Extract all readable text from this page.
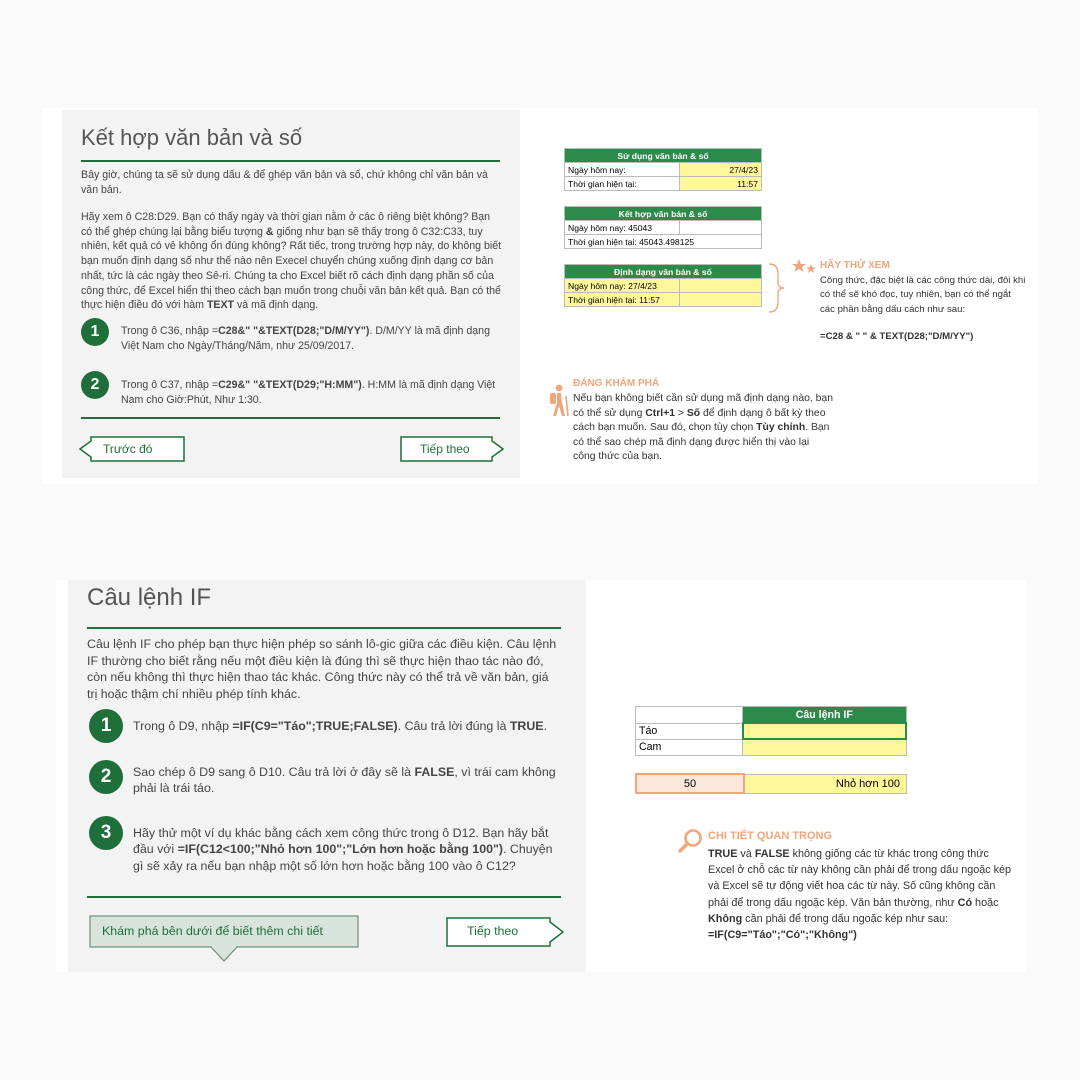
Kết hợp văn bản và số
Bây giờ, chúng ta sẽ sử dụng dấu & để ghép văn bản và số, chứ không chỉ văn bản và văn bản.
Hãy xem ô C28:D29. Bạn có thấy ngày và thời gian nằm ở các ô riêng biệt không? Bạn có thể ghép chúng lại bằng biểu tượng & giống như bạn sẽ thấy trong ô C32:C33, tuy nhiên, kết quả có vẻ không ổn đúng không? Rất tiếc, trong trường hợp này, do không biết bạn muốn định dạng số như thế nào nên Execel chuyển chúng xuống định dạng cơ bản nhất, tức là các ngày theo Sê-ri. Chúng ta cho Excel biết rõ cách định dạng phần số của công thức, để Excel hiển thị theo cách bạn muốn trong chuỗi văn bản kết quả. Bạn có thể thực hiện điều đó với hàm TEXT và mã định dạng.
1	Trong ô C36, nhập =C28&" "&TEXT(D28;"D/M/YY"). D/M/YY là mã định dạng Việt Nam cho Ngày/Tháng/Năm, như 25/09/2017.
2	Trong ô C37, nhập =C29&" "&TEXT(D29;"H:MM"). H:MM là mã định dạng Việt Nam cho Giờ:Phút, Như 1:30.
Trước đó	Tiếp theo
Sử dụng văn bản & số	
Ngày hôm nay:	27/4/23
Thời gian hiện tại:	11:57
Kết hợp văn bản & số
Ngày hôm nay: 45043	
Thời gian hiện tại: 45043.498125
Định dạng văn bản & số	
Ngày hôm nay: 27/4/23	
Thời gian hiện tại: 11:57	
HÃY THỬ XEM
Công thức, đặc biệt là các công thức dài, đôi khi có thể sẽ khó đọc, tuy nhiên, bạn có thể ngắt các phần bằng dấu cách như sau:
=C28 & " " & TEXT(D28;"D/M/YY")
ĐÁNG KHÁM PHÁ
Nếu bạn không biết cần sử dụng mã định dạng nào, bạn có thể sử dụng Ctrl+1 > Số để định dạng ô bất kỳ theo cách bạn muốn. Sau đó, chọn tùy chọn Tùy chỉnh. Bạn có thể sao chép mã định dạng được hiển thị vào lại công thức của bạn.
Câu lệnh IF
Câu lệnh IF cho phép bạn thực hiện phép so sánh lô-gic giữa các điều kiện. Câu lệnh IF thường cho biết rằng nếu một điều kiện là đúng thì sẽ thực hiện thao tác nào đó, còn nếu không thì thực hiện thao tác khác. Công thức này có thể trả về văn bản, giá trị hoặc thậm chí nhiều phép tính khác.
1	Trong ô D9, nhập =IF(C9="Táo";TRUE;FALSE). Câu trả lời đúng là TRUE.
2	Sao chép ô D9 sang ô D10. Câu trả lời ở đây sẽ là FALSE, vì trái cam không phải là trái táo.
3	Hãy thử một ví dụ khác bằng cách xem công thức trong ô D12. Bạn hãy bắt đầu với =IF(C12<100;"Nhỏ hơn 100";"Lớn hơn hoặc bằng 100"). Chuyện gì sẽ xảy ra nếu bạn nhập một số lớn hơn hoặc bằng 100 vào ô C12?
Khám phá bên dưới để biết thêm chi tiết	Tiếp theo
	Câu lệnh IF
Táo	
Cam	
50	Nhỏ hơn 100
CHI TIẾT QUAN TRỌNG
TRUE và FALSE không giống các từ khác trong công thức Excel ở chỗ các từ này không cần phải để trong dấu ngoặc kép và Excel sẽ tự động viết hoa các từ này. Số cũng không cần phải để trong dấu ngoặc kép. Văn bản thường, như Có hoặc Không cần phải để trong dấu ngoặc kép như sau:
=IF(C9="Táo";"Có";"Không")
